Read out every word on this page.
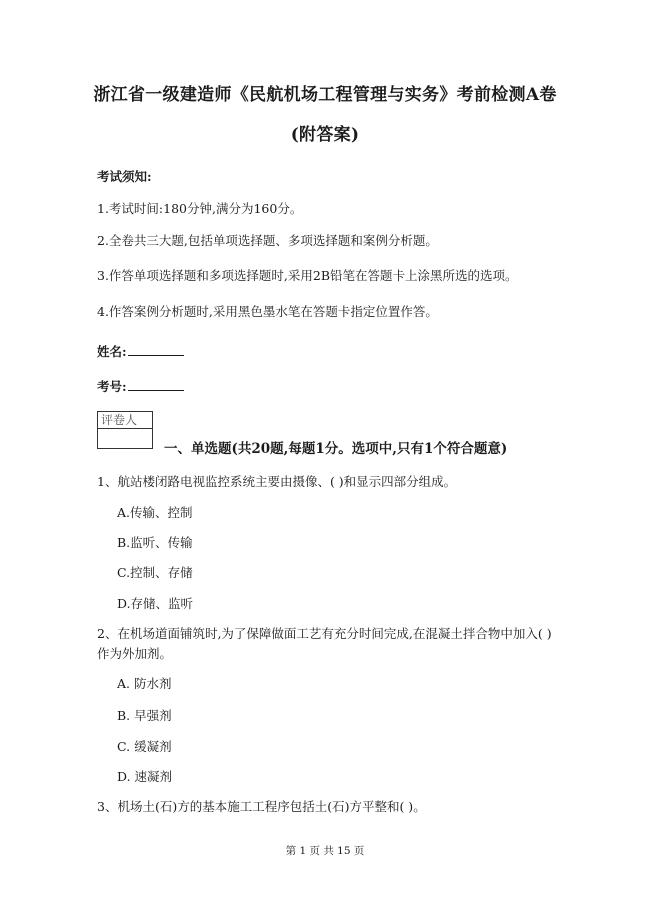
浙江省一级建造师《民航机场工程管理与实务》考前检测A卷
(附答案)
考试须知:
1.考试时间:180分钟,满分为160分。
2.全卷共三大题,包括单项选择题、多项选择题和案例分析题。
3.作答单项选择题和多项选择题时,采用2B铅笔在答题卡上涂黑所选的选项。
4.作答案例分析题时,采用黑色墨水笔在答题卡指定位置作答。
姓名:
考号:
评卷人
一、单选题(共20题,每题1分。选项中,只有1个符合题意)
1、航站楼闭路电视监控系统主要由摄像、( )和显示四部分组成。
A.传输、控制
B.监听、传输
C.控制、存储
D.存储、监听
2、在机场道面铺筑时,为了保障做面工艺有充分时间完成,在混凝土拌合物中加入( )
作为外加剂。
A. 防水剂
B. 早强剂
C. 缓凝剂
D. 速凝剂
3、机场土(石)方的基本施工工程序包括土(石)方平整和( )。
第 1 页 共 15 页
